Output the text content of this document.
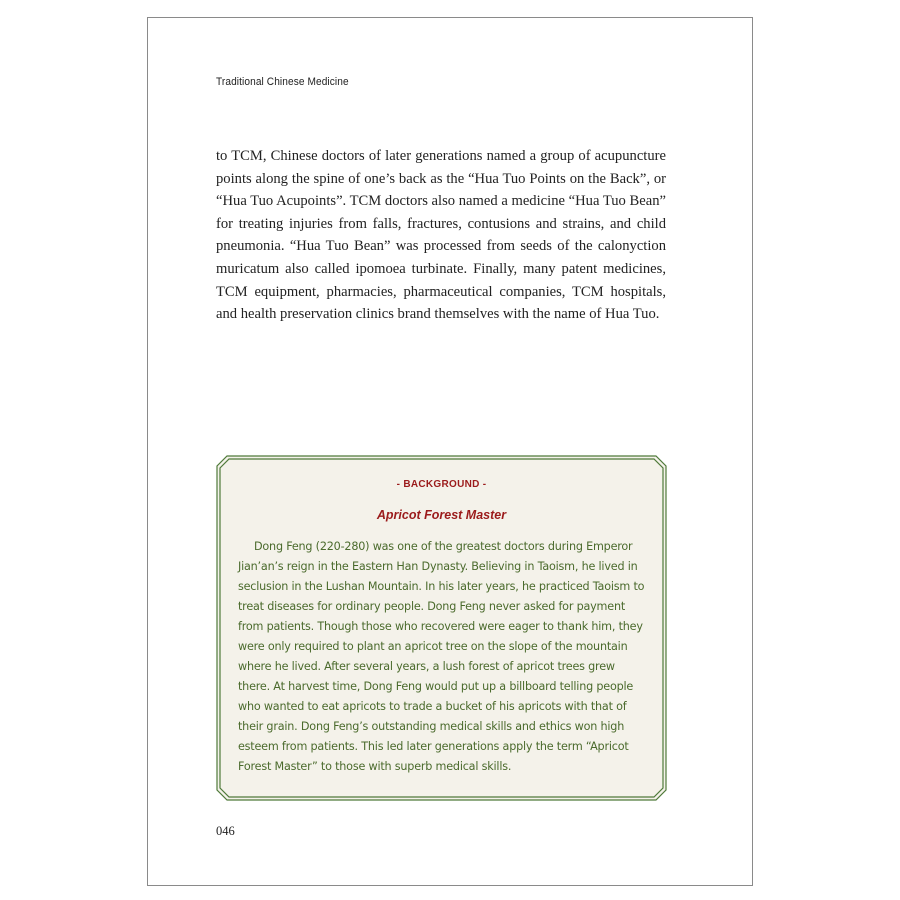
Traditional Chinese Medicine

to TCM, Chinese doctors of later generations named a group of acupuncture points along the spine of one’s back as the “Hua Tuo Points on the Back”, or “Hua Tuo Acupoints”. TCM doctors also named a medicine “Hua Tuo Bean” for treating injuries from falls, fractures, contusions and strains, and child pneumonia. “Hua Tuo Bean” was processed from seeds of the calonyction muricatum also called ipomoea turbinate. Finally, many patent medicines, TCM equipment, pharmacies, pharmaceutical companies, TCM hospitals, and health preservation clinics brand themselves with the name of Hua Tuo.

- BACKGROUND -
Apricot Forest Master

Dong Feng (220-280) was one of the greatest doctors during Emperor Jian’an’s reign in the Eastern Han Dynasty. Believing in Taoism, he lived in seclusion in the Lushan Mountain. In his later years, he practiced Taoism to treat diseases for ordinary people. Dong Feng never asked for payment from patients. Though those who recovered were eager to thank him, they were only required to plant an apricot tree on the slope of the mountain where he lived. After several years, a lush forest of apricot trees grew there. At harvest time, Dong Feng would put up a billboard telling people who wanted to eat apricots to trade a bucket of his apricots with that of their grain. Dong Feng’s outstanding medical skills and ethics won high esteem from patients. This led later generations apply the term “Apricot Forest Master” to those with superb medical skills.

046
